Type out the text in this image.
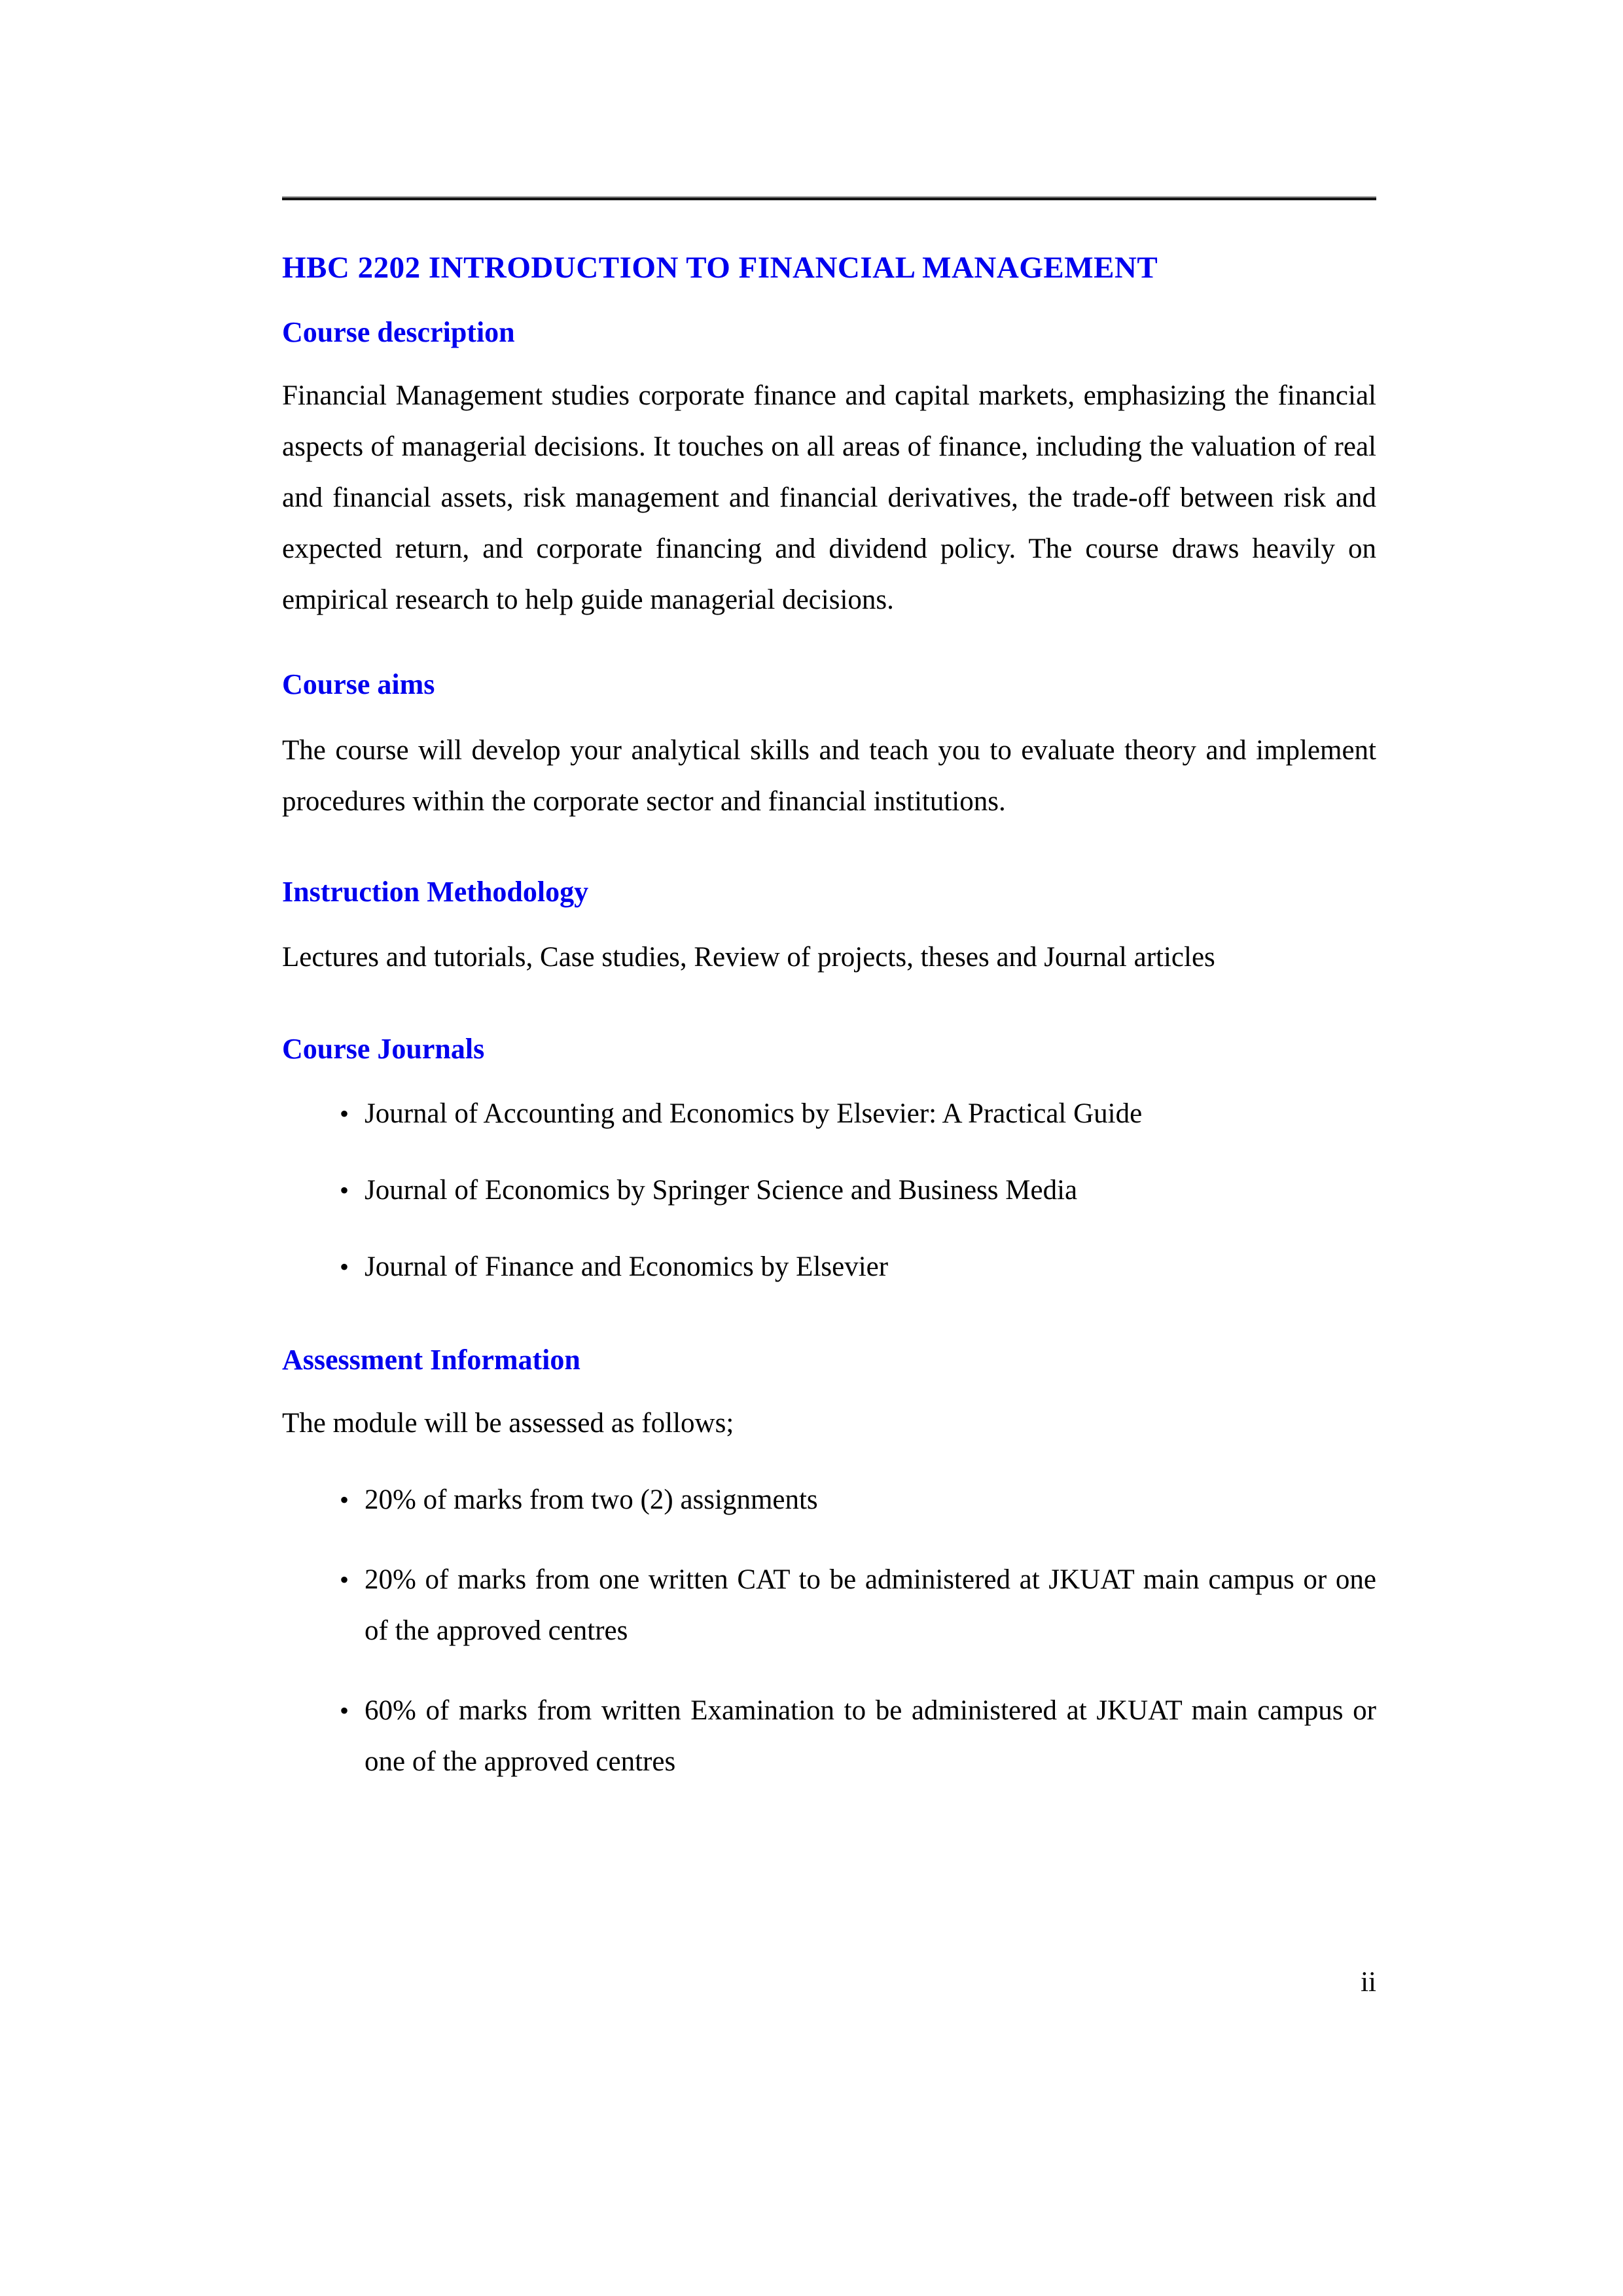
HBC 2202 INTRODUCTION TO FINANCIAL MANAGEMENT
Course description

Financial Management studies corporate finance and capital markets, emphasizing the financial aspects of managerial decisions. It touches on all areas of finance, including the valuation of real and financial assets, risk management and financial derivatives, the trade-off between risk and expected return, and corporate financing and dividend policy. The course draws heavily on empirical research to help guide managerial decisions.

Course aims

The course will develop your analytical skills and teach you to evaluate theory and implement procedures within the corporate sector and financial institutions.

Instruction Methodology

Lectures and tutorials, Case studies, Review of projects, theses and Journal articles

Course Journals
• Journal of Accounting and Economics by Elsevier: A Practical Guide
• Journal of Economics by Springer Science and Business Media
• Journal of Finance and Economics by Elsevier
Assessment Information

The module will be assessed as follows;

• 20% of marks from two (2) assignments
• 20% of marks from one written CAT to be administered at JKUAT main campus or one of the approved centres
• 60% of marks from written Examination to be administered at JKUAT main campus or one of the approved centres
ii
